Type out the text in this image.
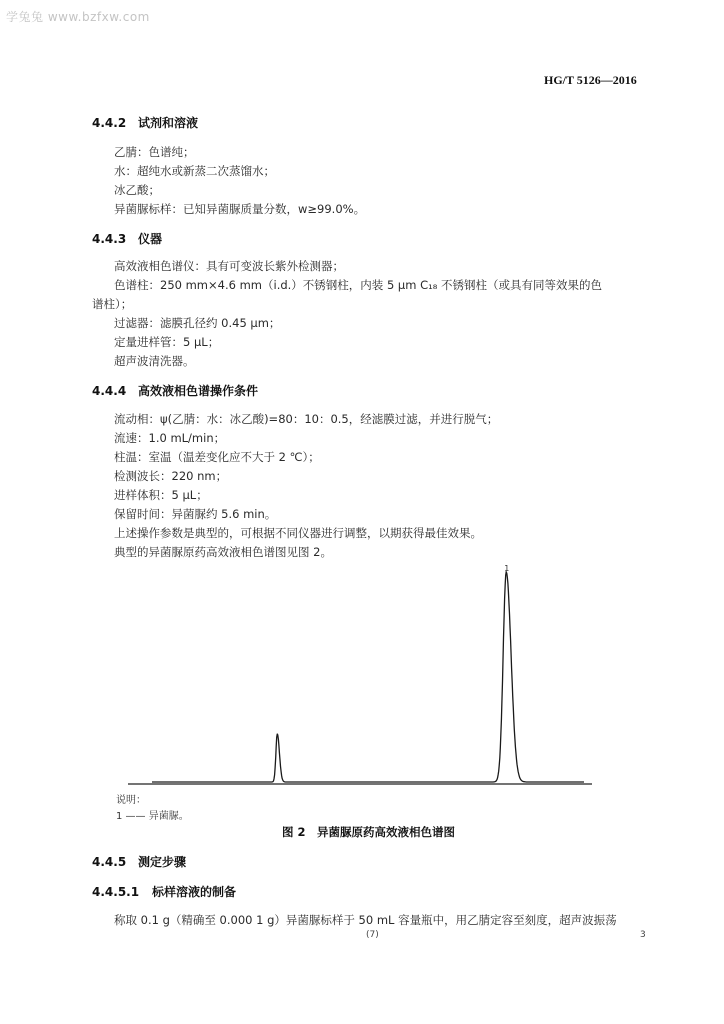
学兔兔 www.bzfxw.com
HG/T 5126—2016
4.4.2 试剂和溶液
乙腈：色谱纯；
水：超纯水或新蒸二次蒸馏水；
冰乙酸；
异菌脲标样：已知异菌脲质量分数，w≥99.0%。
4.4.3 仪器
高效液相色谱仪：具有可变波长紫外检测器；
色谱柱：250 mm×4.6 mm（i.d.）不锈钢柱，内装 5 μm C₁₈ 不锈钢柱（或具有同等效果的色
谱柱）；
过滤器：滤膜孔径约 0.45 μm；
定量进样管：5 μL；
超声波清洗器。
4.4.4 高效液相色谱操作条件
流动相：ψ(乙腈：水：冰乙酸)=80：10：0.5，经滤膜过滤，并进行脱气；
流速：1.0 mL/min；
柱温：室温（温差变化应不大于 2 ℃）；
检测波长：220 nm；
进样体积：5 μL；
保留时间：异菌脲约 5.6 min。
上述操作参数是典型的，可根据不同仪器进行调整，以期获得最佳效果。
典型的异菌脲原药高效液相色谱图见图 2。
1
说明：
1 —— 异菌脲。
图 2　异菌脲原药高效液相色谱图
4.4.5 测定步骤
4.4.5.1 标样溶液的制备
称取 0.1 g（精确至 0.000 1 g）异菌脲标样于 50 mL 容量瓶中，用乙腈定容至刻度，超声波振荡
(7)	3
